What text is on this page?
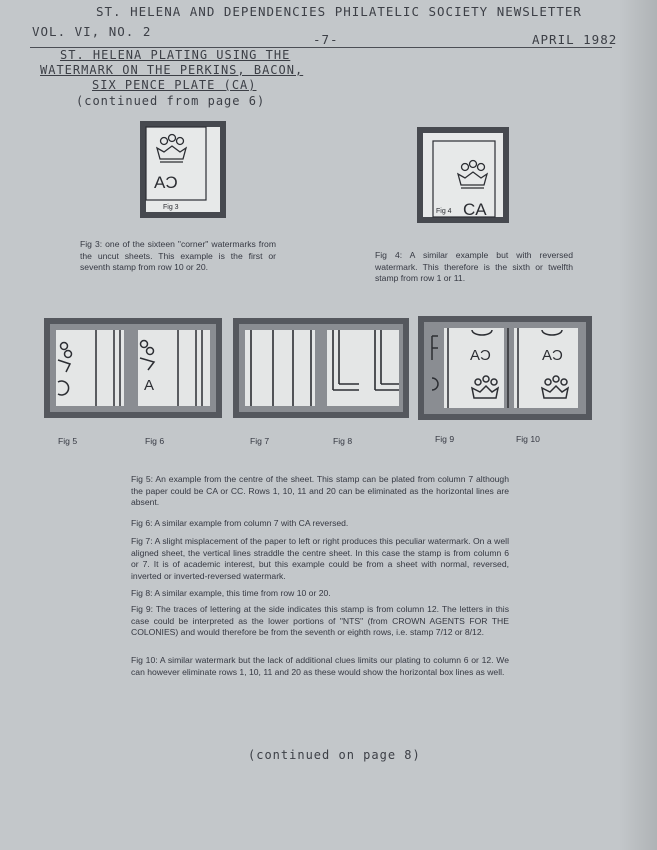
ST. HELENA AND DEPENDENCIES PHILATELIC SOCIETY NEWSLETTER
VOL. VI, NO. 2
-7-	APRIL 1982
ST. HELENA PLATING USING THE
WATERMARK ON THE PERKINS, BACON,
SIX PENCE PLATE (CA)
(continued from page 6)
AƆ
Fig 3
Fig 3: one of the sixteen "corner" watermarks from the uncut sheets. This example is the first or seventh stamp from row 10 or 20.
Fig 4 CA
Fig 4: A similar example but with reversed watermark. This therefore is the sixth or twelfth stamp from row 1 or 11.
A
AƆ	AƆ
Fig 5	Fig 6	Fig 7	Fig 8	Fig 9	Fig 10

Fig 5: An example from the centre of the sheet. This stamp can be plated from column 7 although the paper could be CA or CC. Rows 1, 10, 11 and 20 can be eliminated as the horizontal lines are absent.

Fig 6: A similar example from column 7 with CA reversed.

Fig 7: A slight misplacement of the paper to left or right produces this peculiar watermark. On a well aligned sheet, the vertical lines straddle the centre sheet. In this case the stamp is from column 6 or 7. It is of academic interest, but this example could be from a sheet with normal, reversed, inverted or inverted-reversed watermark.

Fig 8: A similar example, this time from row 10 or 20.

Fig 9: The traces of lettering at the side indicates this stamp is from column 12. The letters in this case could be interpreted as the lower portions of "NTS" (from CROWN AGENTS FOR THE COLONIES) and would therefore be from the seventh or eighth rows, i.e. stamp 7/12 or 8/12.

Fig 10: A similar watermark but the lack of additional clues limits our plating to column 6 or 12. We can however eliminate rows 1, 10, 11 and 20 as these would show the horizontal box lines as well.

(continued on page 8)
